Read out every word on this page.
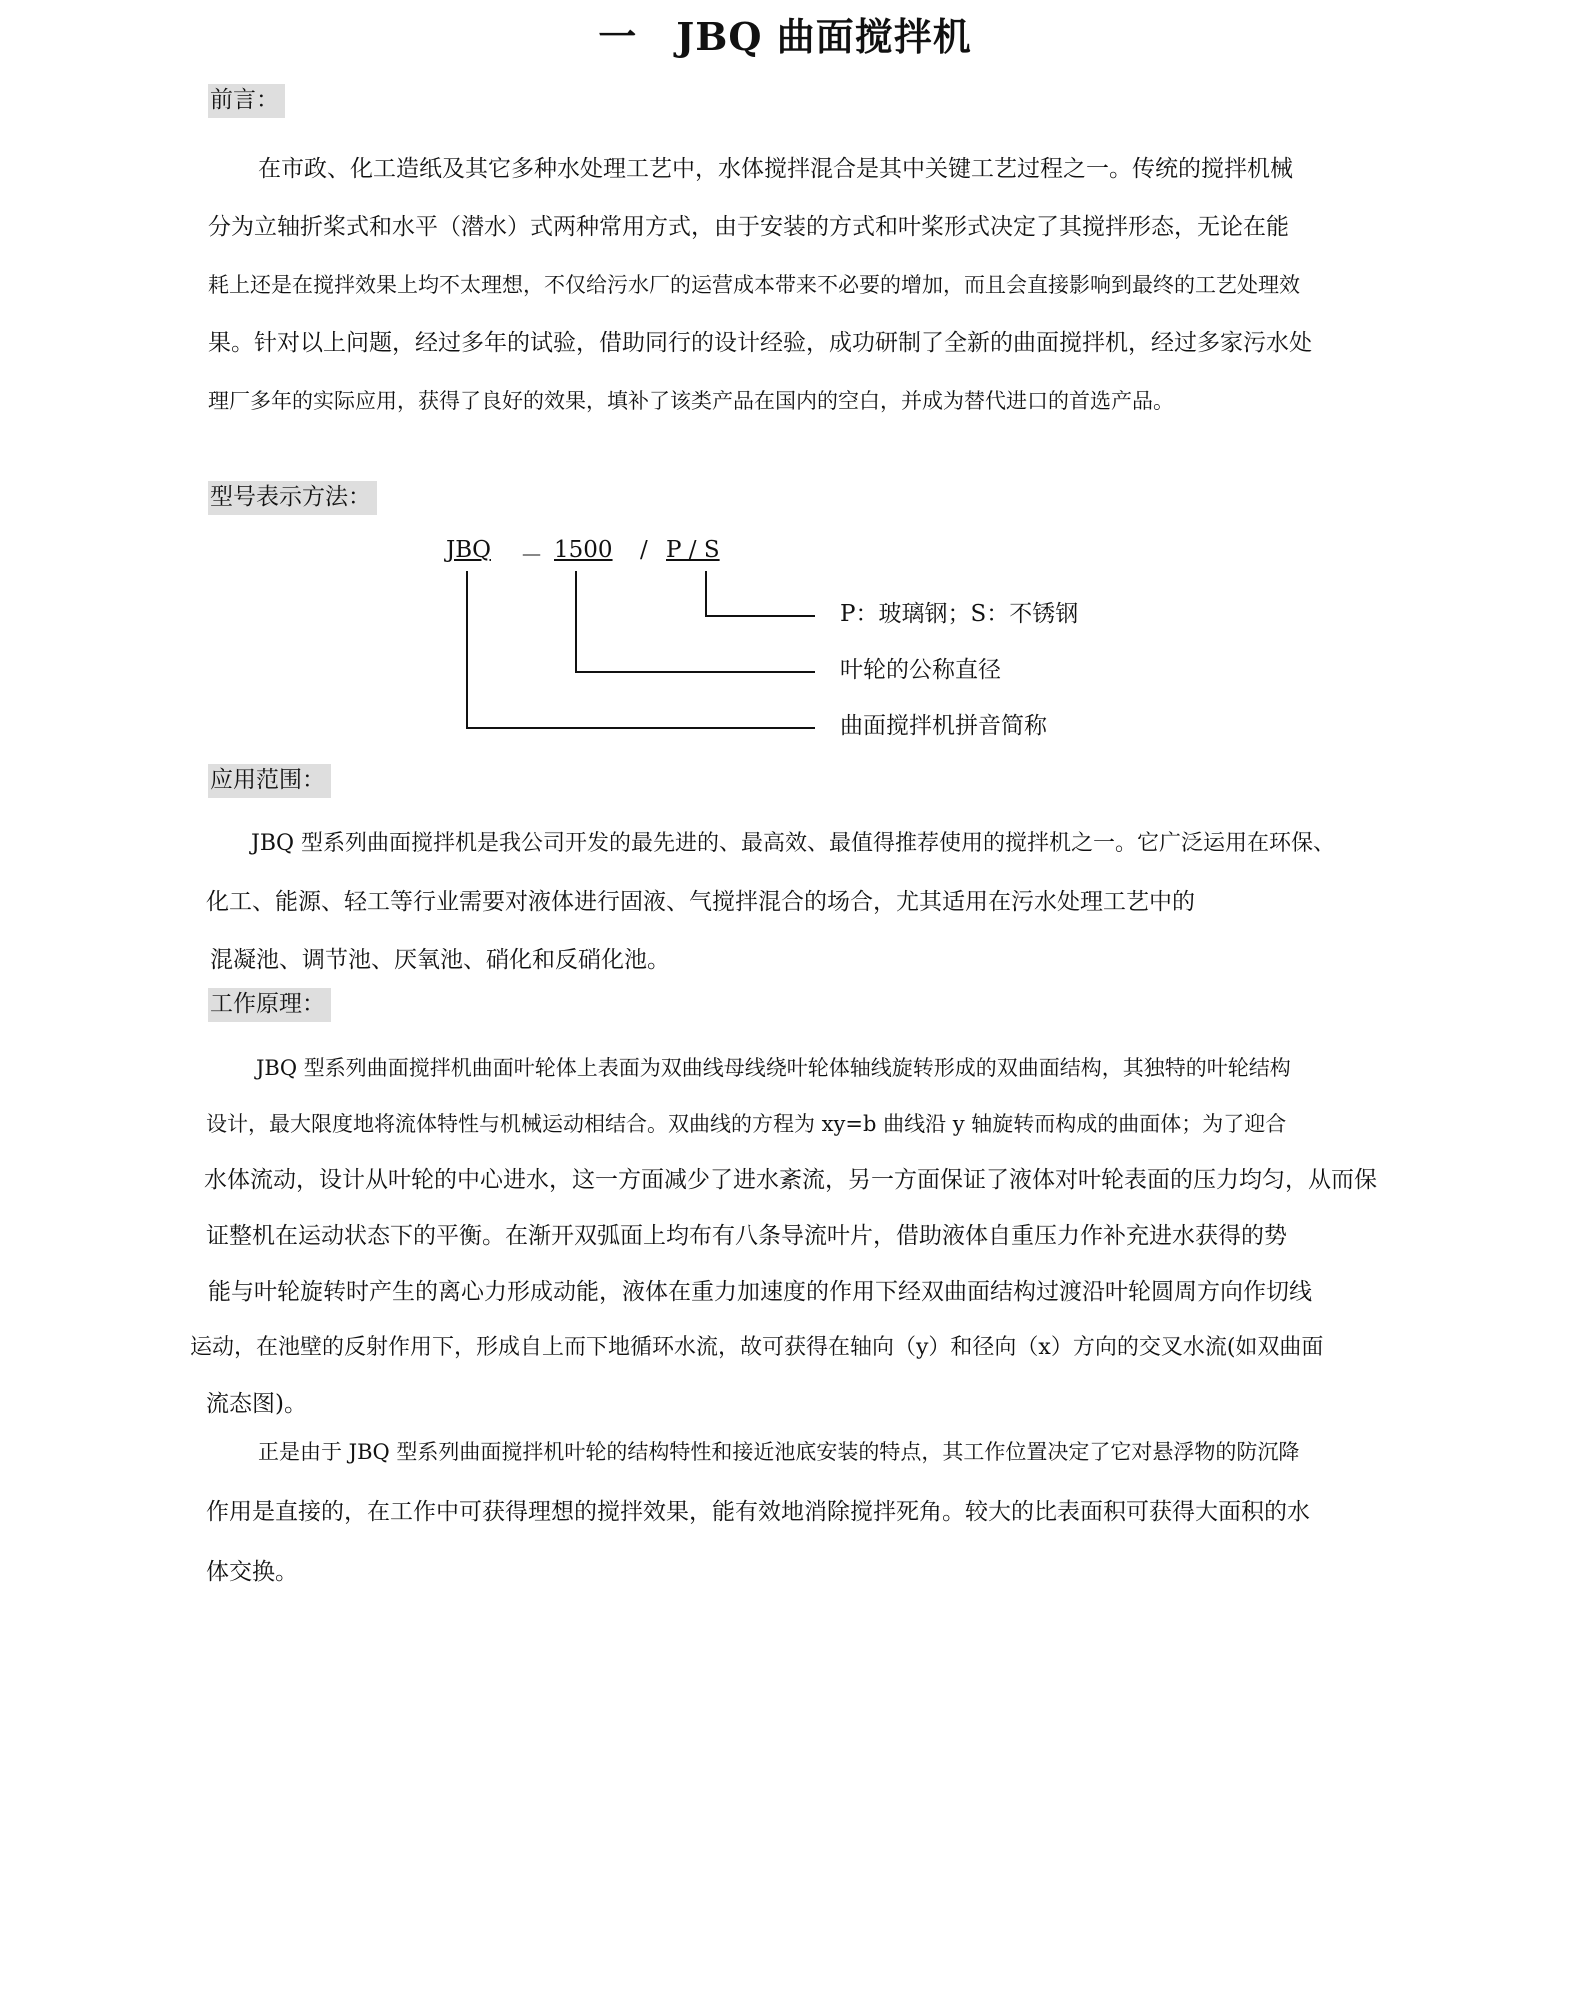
一　JBQ 曲面搅拌机
前言：
在市政、化工造纸及其它多种水处理工艺中，水体搅拌混合是其中关键工艺过程之一。传统的搅拌机械
分为立轴折桨式和水平（潜水）式两种常用方式，由于安装的方式和叶桨形式决定了其搅拌形态，无论在能
耗上还是在搅拌效果上均不太理想，不仅给污水厂的运营成本带来不必要的增加，而且会直接影响到最终的工艺处理效
果。针对以上问题，经过多年的试验，借助同行的设计经验，成功研制了全新的曲面搅拌机，经过多家污水处
理厂多年的实际应用，获得了良好的效果，填补了该类产品在国内的空白，并成为替代进口的首选产品。
型号表示方法：
JBQ － 1500 / P / S
P：玻璃钢；S：不锈钢
叶轮的公称直径
曲面搅拌机拼音简称
应用范围：
JBQ 型系列曲面搅拌机是我公司开发的最先进的、最高效、最值得推荐使用的搅拌机之一。它广泛运用在环保、
化工、能源、轻工等行业需要对液体进行固液、气搅拌混合的场合，尤其适用在污水处理工艺中的
混凝池、调节池、厌氧池、硝化和反硝化池。
工作原理：
JBQ 型系列曲面搅拌机曲面叶轮体上表面为双曲线母线绕叶轮体轴线旋转形成的双曲面结构，其独特的叶轮结构
设计，最大限度地将流体特性与机械运动相结合。双曲线的方程为 xy=b 曲线沿 y 轴旋转而构成的曲面体；为了迎合
水体流动，设计从叶轮的中心进水，这一方面减少了进水紊流，另一方面保证了液体对叶轮表面的压力均匀，从而保
证整机在运动状态下的平衡。在渐开双弧面上均布有八条导流叶片，借助液体自重压力作补充进水获得的势
能与叶轮旋转时产生的离心力形成动能，液体在重力加速度的作用下经双曲面结构过渡沿叶轮圆周方向作切线
运动，在池壁的反射作用下，形成自上而下地循环水流，故可获得在轴向（y）和径向（x）方向的交叉水流(如双曲面
流态图)。
正是由于 JBQ 型系列曲面搅拌机叶轮的结构特性和接近池底安装的特点，其工作位置决定了它对悬浮物的防沉降
作用是直接的，在工作中可获得理想的搅拌效果，能有效地消除搅拌死角。较大的比表面积可获得大面积的水
体交换。
